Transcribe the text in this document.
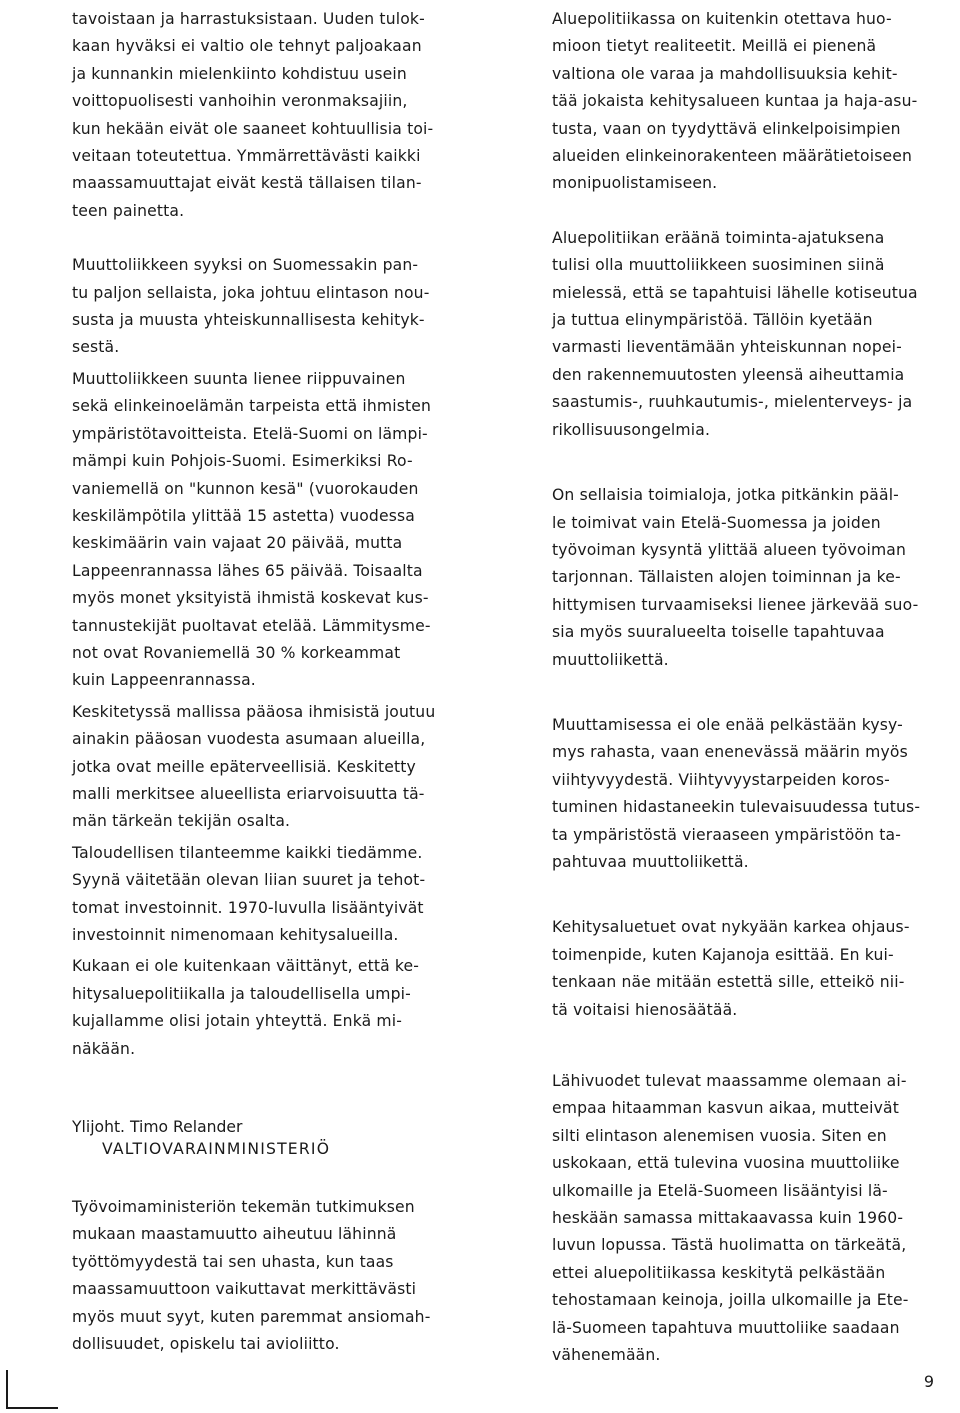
tavoistaan ja harrastuksistaan. Uuden tulok-
kaan hyväksi ei valtio ole tehnyt paljoakaan
ja kunnankin mielenkiinto kohdistuu usein
voittopuolisesti vanhoihin veronmaksajiin,
kun hekään eivät ole saaneet kohtuullisia toi-
veitaan toteutettua. Ymmärrettävästi kaikki
maassamuuttajat eivät kestä tällaisen tilan-
teen painetta.

Muuttoliikkeen syyksi on Suomessakin pan-
tu paljon sellaista, joka johtuu elintason nou-
susta ja muusta yhteiskunnallisesta kehityk-
sestä.

Muuttoliikkeen suunta lienee riippuvainen
sekä elinkeinoelämän tarpeista että ihmisten
ympäristötavoitteista. Etelä-Suomi on lämpi-
mämpi kuin Pohjois-Suomi. Esimerkiksi Ro-
vaniemellä on "kunnon kesä" (vuorokauden
keskilämpötila ylittää 15 astetta) vuodessa
keskimäärin vain vajaat 20 päivää, mutta
Lappeenrannassa lähes 65 päivää. Toisaalta
myös monet yksityistä ihmistä koskevat kus-
tannustekijät puoltavat etelää. Lämmitysme-
not ovat Rovaniemellä 30 % korkeammat
kuin Lappeenrannassa.

Keskitetyssä mallissa pääosa ihmisistä joutuu
ainakin pääosan vuodesta asumaan alueilla,
jotka ovat meille epäterveellisiä. Keskitetty
malli merkitsee alueellista eriarvoisuutta tä-
män tärkeän tekijän osalta.

Taloudellisen tilanteemme kaikki tiedämme.
Syynä väitetään olevan liian suuret ja tehot-
tomat investoinnit. 1970-luvulla lisääntyivät
investoinnit nimenomaan kehitysalueilla.

Kukaan ei ole kuitenkaan väittänyt, että ke-
hitysaluepolitiikalla ja taloudellisella umpi-
kujallamme olisi jotain yhteyttä. Enkä mi-
näkään.

Ylijoht. Timo Relander
VALTIOVARAINMINISTERIÖ

Työvoimaministeriön tekemän tutkimuksen
mukaan maastamuutto aiheutuu lähinnä
työttömyydestä tai sen uhasta, kun taas
maassamuuttoon vaikuttavat merkittävästi
myös muut syyt, kuten paremmat ansiomah-
dollisuudet, opiskelu tai avioliitto.

Aluepolitiikassa on kuitenkin otettava huo-
mioon tietyt realiteetit. Meillä ei pienenä
valtiona ole varaa ja mahdollisuuksia kehit-
tää jokaista kehitysalueen kuntaa ja haja-asu-
tusta, vaan on tyydyttävä elinkelpoisimpien
alueiden elinkeinorakenteen määrätietoiseen
monipuolistamiseen.

Aluepolitiikan eräänä toiminta-ajatuksena
tulisi olla muuttoliikkeen suosiminen siinä
mielessä, että se tapahtuisi lähelle kotiseutua
ja tuttua elinympäristöä. Tällöin kyetään
varmasti lieventämään yhteiskunnan nopei-
den rakennemuutosten yleensä aiheuttamia
saastumis-, ruuhkautumis-, mielenterveys- ja
rikollisuusongelmia.

On sellaisia toimialoja, jotka pitkänkin pääl-
le toimivat vain Etelä-Suomessa ja joiden
työvoiman kysyntä ylittää alueen työvoiman
tarjonnan. Tällaisten alojen toiminnan ja ke-
hittymisen turvaamiseksi lienee järkevää suo-
sia myös suuralueelta toiselle tapahtuvaa
muuttoliikettä.

Muuttamisessa ei ole enää pelkästään kysy-
mys rahasta, vaan enenevässä määrin myös
viihtyvyydestä. Viihtyvyystarpeiden koros-
tuminen hidastaneekin tulevaisuudessa tutus-
ta ympäristöstä vieraaseen ympäristöön ta-
pahtuvaa muuttoliikettä.

Kehitysaluetuet ovat nykyään karkea ohjaus-
toimenpide, kuten Kajanoja esittää. En kui-
tenkaan näe mitään estettä sille, etteikö nii-
tä voitaisi hienosäätää.

Lähivuodet tulevat maassamme olemaan ai-
empaa hitaamman kasvun aikaa, mutteivät
silti elintason alenemisen vuosia. Siten en
uskokaan, että tulevina vuosina muuttoliike
ulkomaille ja Etelä-Suomeen lisääntyisi lä-
heskään samassa mittakaavassa kuin 1960-
luvun lopussa. Tästä huolimatta on tärkeätä,
ettei aluepolitiikassa keskitytä pelkästään
tehostamaan keinoja, joilla ulkomaille ja Ete-
lä-Suomeen tapahtuva muuttoliike saadaan
vähenemään.

9
